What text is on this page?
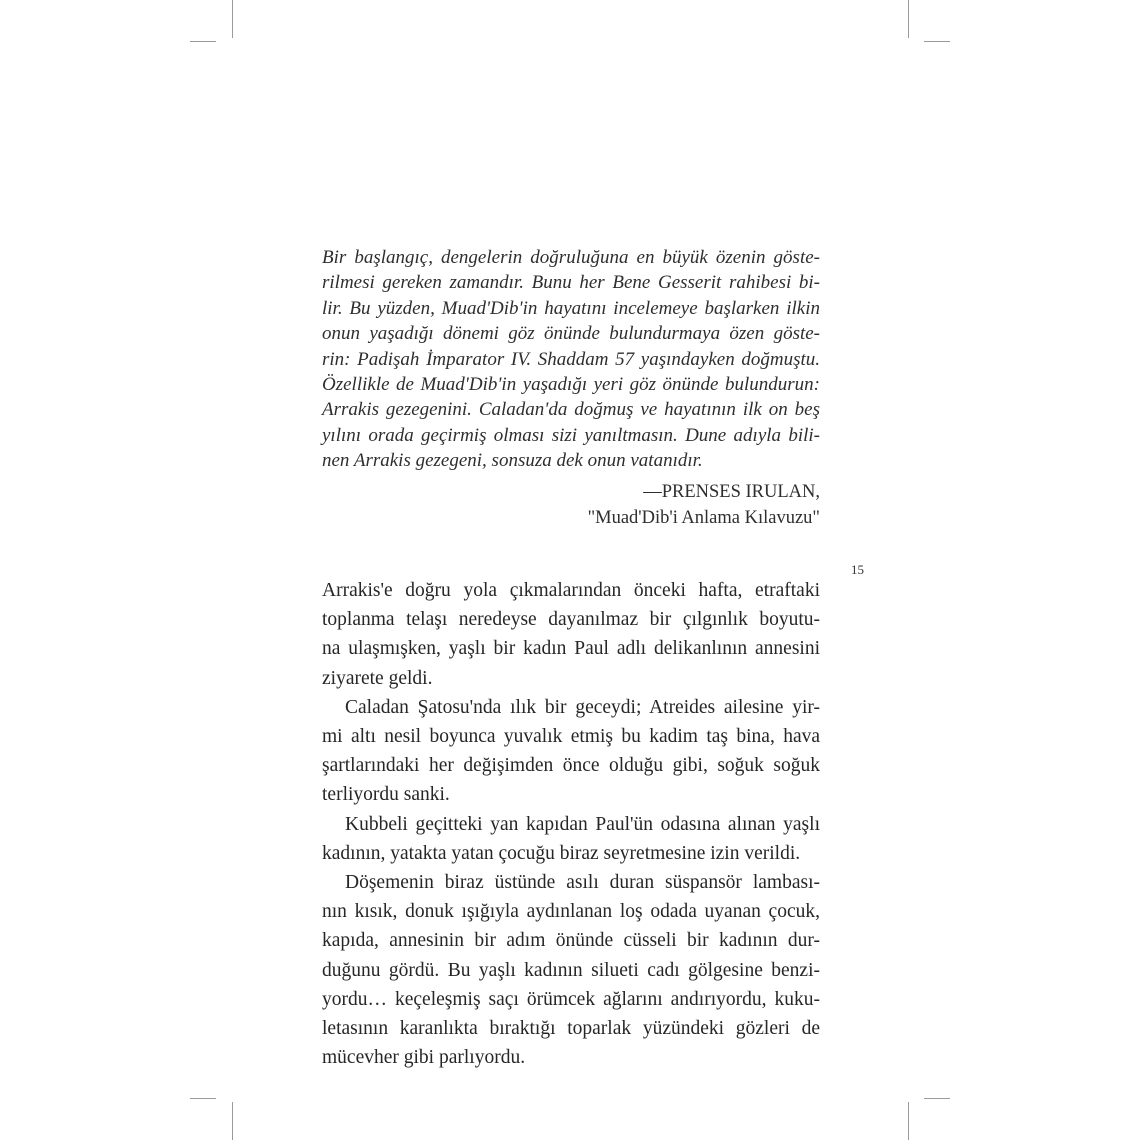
Bir başlangıç, dengelerin doğruluğuna en büyük özenin göste-
rilmesi gereken zamandır. Bunu her Bene Gesserit rahibesi bi-
lir. Bu yüzden, Muad'Dib'in hayatını incelemeye başlarken ilkin
onun yaşadığı dönemi göz önünde bulundurmaya özen göste-
rin: Padişah İmparator IV. Shaddam 57 yaşındayken doğmuştu.
Özellikle de Muad'Dib'in yaşadığı yeri göz önünde bulundurun:
Arrakis gezegenini. Caladan'da doğmuş ve hayatının ilk on beş
yılını orada geçirmiş olması sizi yanıltmasın. Dune adıyla bili-
nen Arrakis gezegeni, sonsuza dek onun vatanıdır.
—PRENSES IRULAN,
"Muad'Dib'i Anlama Kılavuzu"
15
Arrakis'e doğru yola çıkmalarından önceki hafta, etraftaki
toplanma telaşı neredeyse dayanılmaz bir çılgınlık boyutu-
na ulaşmışken, yaşlı bir kadın Paul adlı delikanlının annesini
ziyarete geldi.
Caladan Şatosu'nda ılık bir geceydi; Atreides ailesine yir-
mi altı nesil boyunca yuvalık etmiş bu kadim taş bina, hava
şartlarındaki her değişimden önce olduğu gibi, soğuk soğuk
terliyordu sanki.
Kubbeli geçitteki yan kapıdan Paul'ün odasına alınan yaşlı
kadının, yatakta yatan çocuğu biraz seyretmesine izin verildi.
Döşemenin biraz üstünde asılı duran süspansör lambası-
nın kısık, donuk ışığıyla aydınlanan loş odada uyanan çocuk,
kapıda, annesinin bir adım önünde cüsseli bir kadının dur-
duğunu gördü. Bu yaşlı kadının silueti cadı gölgesine benzi-
yordu… keçeleşmiş saçı örümcek ağlarını andırıyordu, kuku-
letasının karanlıkta bıraktığı toparlak yüzündeki gözleri de
mücevher gibi parlıyordu.
